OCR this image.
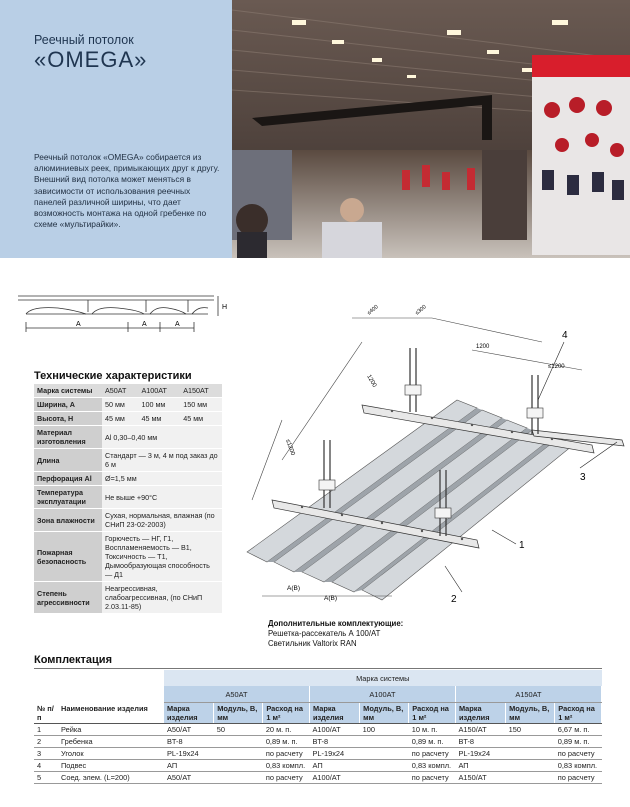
Реечный потолок
«OMEGA»

Реечный потолок «OMEGA» собирается из алюминиевых реек, примыкающих друг к другу.

Внешний вид потолка может меняться в зависимости от использования реечных панелей различной ширины, что дает возможность монтажа на одной гребенке по схеме «мультирайки».

A	A	A
H	≤400	≤300
1200
≤1200
1200
≤1200
4
3
1
2
A(B)
A(B)
Технические характеристики
Марка системы	A50AT	A100AT	A150AT
Ширина, А	50 мм	100 мм	150 мм
Высота, Н	45 мм	45 мм	45 мм
Материал изготовления	Al 0,30–0,40 мм		
Длина	Стандарт — 3 м, 4 м под заказ до 6 м		
Перфорация Al	Ø=1,5 мм		
Температура эксплуатации	Не выше +90°С		
Зона влажности	Сухая, нормальная, влажная (по СНиП 23-02-2003)		
Пожарная безопасность	Горючесть — НГ, Г1, Воспламеняемость — В1, Токсичность — Т1, Дымообразующая способность — Д1		
Степень агрессивности	Неагрессивная, слабоагрессивная, (по СНиП 2.03.11-85)		
Дополнительные комплектующие:
Решетка-рассекатель А 100/АТ
Светильник Valtoriх RAN
Комплектация
		Марка системы								
		A50AT			A100AT			A150AT		
№ п/п	Наименование изделия	Марка изделия	Модуль, В, мм	Расход на 1 м²	Марка изделия	Модуль, В, мм	Расход на 1 м²	Марка изделия	Модуль, В, мм	Расход на 1 м²
1	Рейка	A50/AT	50	20 м. п.	A100/AT	100	10 м. п.	A150/AT	150	6,67 м. п.
2	Гребенка	BT-8		0,89 м. п.	BT-8		0,89 м. п.	BT-8		0,89 м. п.
3	Уголок	PL-19x24		по расчету	PL-19x24		по расчету	PL-19x24		по расчету
4	Подвес	АП		0,83 компл.	АП		0,83 компл.	АП		0,83 компл.
5	Соед. элем. (L=200)	A50/AT		по расчету	A100/AT		по расчету	A150/AT		по расчету
